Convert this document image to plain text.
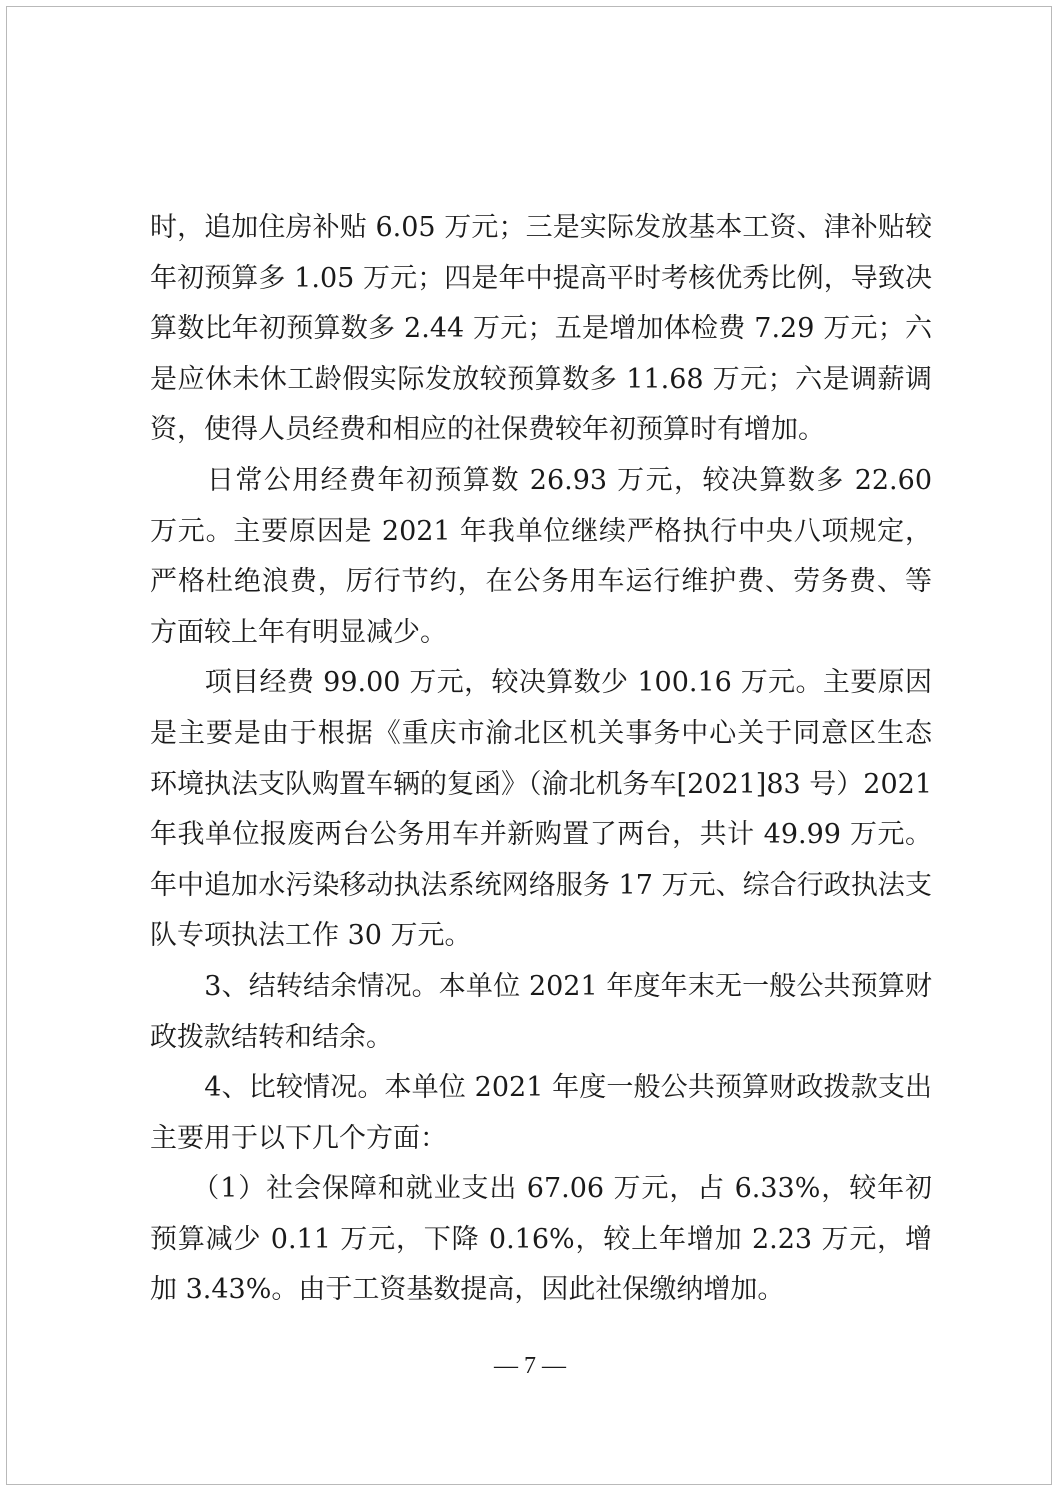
时，追加住房补贴 6.05 万元；三是实际发放基本工资、津补贴较年初预算多 1.05 万元；四是年中提高平时考核优秀比例，导致决算数比年初预算数多 2.44 万元；五是增加体检费 7.29 万元；六是应休未休工龄假实际发放较预算数多 11.68 万元；六是调薪调资，使得人员经费和相应的社保费较年初预算时有增加。

　　日常公用经费年初预算数 26.93 万元，较决算数多 22.60 万元。主要原因是 2021 年我单位继续严格执行中央八项规定，严格杜绝浪费，厉行节约，在公务用车运行维护费、劳务费、等方面较上年有明显减少。

　　项目经费 99.00 万元，较决算数少 100.16 万元。主要原因是主要是由于根据《重庆市渝北区机关事务中心关于同意区生态环境执法支队购置车辆的复函》（渝北机务车[2021]83 号）2021 年我单位报废两台公务用车并新购置了两台，共计 49.99 万元。年中追加水污染移动执法系统网络服务 17 万元、综合行政执法支队专项执法工作 30 万元。

　　3、结转结余情况。本单位 2021 年度年末无一般公共预算财政拨款结转和结余。

　　4、比较情况。本单位 2021 年度一般公共预算财政拨款支出主要用于以下几个方面：

　　（1）社会保障和就业支出 67.06 万元，占 6.33%，较年初预算减少 0.11 万元，下降 0.16%，较上年增加 2.23 万元，增加 3.43%。由于工资基数提高，因此社保缴纳增加。

— 7 —
